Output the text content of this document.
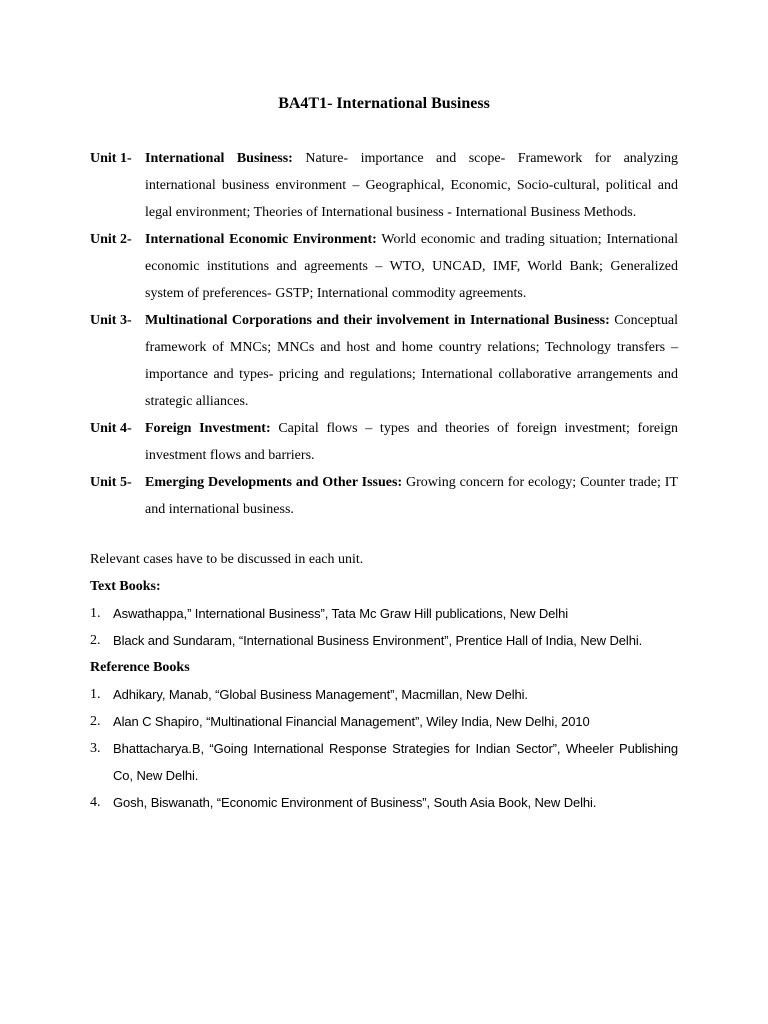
BA4T1- International Business
Unit 1- International Business: Nature- importance and scope- Framework for analyzing international business environment – Geographical, Economic, Socio-cultural, political and legal environment; Theories of International business - International Business Methods.
Unit 2- International Economic Environment: World economic and trading situation; International economic institutions and agreements – WTO, UNCAD, IMF, World Bank; Generalized system of preferences- GSTP; International commodity agreements.
Unit 3- Multinational Corporations and their involvement in International Business: Conceptual framework of MNCs; MNCs and host and home country relations; Technology transfers – importance and types- pricing and regulations; International collaborative arrangements and strategic alliances.
Unit 4- Foreign Investment: Capital flows – types and theories of foreign investment; foreign investment flows and barriers.
Unit 5- Emerging Developments and Other Issues: Growing concern for ecology; Counter trade; IT and international business.
Relevant cases have to be discussed in each unit.
Text Books:
1. Aswathappa,” International Business”, Tata Mc Graw Hill publications, New Delhi
2. Black and Sundaram, “International Business Environment”, Prentice Hall of India, New Delhi.
Reference Books
1. Adhikary, Manab, “Global Business Management”, Macmillan, New Delhi.
2. Alan C Shapiro, “Multinational Financial Management”, Wiley India, New Delhi, 2010
3. Bhattacharya.B, “Going International Response Strategies for Indian Sector”, Wheeler Publishing Co, New Delhi.
4. Gosh, Biswanath, “Economic Environment of Business”, South Asia Book, New Delhi.
